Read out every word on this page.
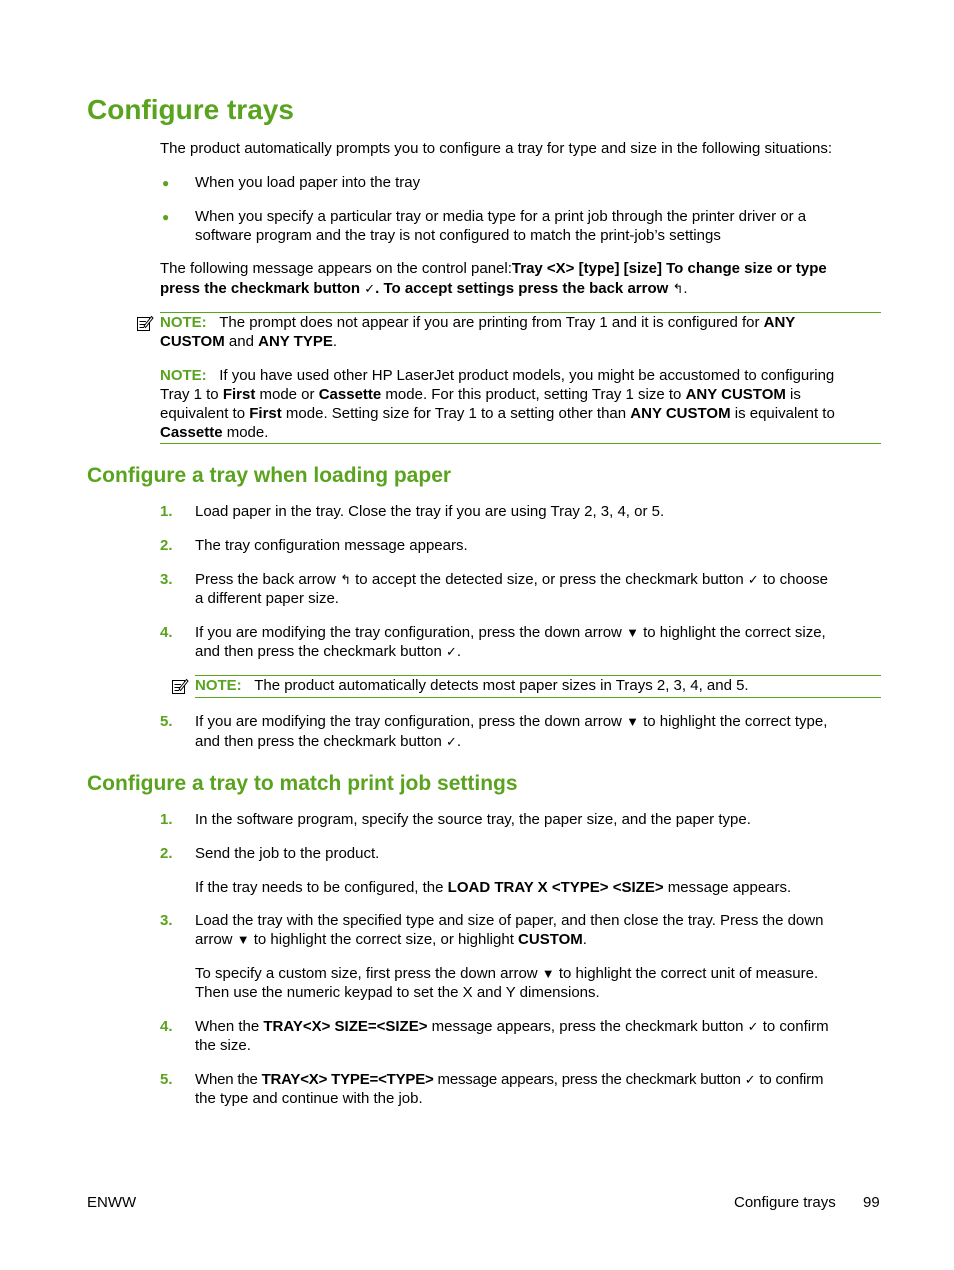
Configure trays

The product automatically prompts you to configure a tray for type and size in the following situations:

● When you load paper into the tray

● When you specify a particular tray or media type for a print job through the printer driver or a

software program and the tray is not configured to match the print-job’s settings

The following message appears on the control panel:Tray <X> [type] [size] To change size or type

press the checkmark button ✓. To accept settings press the back arrow ↰.

NOTE: The prompt does not appear if you are printing from Tray 1 and it is configured for ANY

CUSTOM and ANY TYPE.

NOTE: If you have used other HP LaserJet product models, you might be accustomed to configuring

Tray 1 to First mode or Cassette mode. For this product, setting Tray 1 size to ANY CUSTOM is

equivalent to First mode. Setting size for Tray 1 to a setting other than ANY CUSTOM is equivalent to

Cassette mode.

Configure a tray when loading paper
1. Load paper in the tray. Close the tray if you are using Tray 2, 3, 4, or 5.

2. The tray configuration message appears.

3. Press the back arrow ↰ to accept the detected size, or press the checkmark button ✓ to choose

a different paper size.

4. If you are modifying the tray configuration, press the down arrow ▼ to highlight the correct size,

and then press the checkmark button ✓.

NOTE: The product automatically detects most paper sizes in Trays 2, 3, 4, and 5.

5. If you are modifying the tray configuration, press the down arrow ▼ to highlight the correct type,

and then press the checkmark button ✓.

Configure a tray to match print job settings
1. In the software program, specify the source tray, the paper size, and the paper type.

2. Send the job to the product.

If the tray needs to be configured, the LOAD TRAY X <TYPE> <SIZE> message appears.

3. Load the tray with the specified type and size of paper, and then close the tray. Press the down

arrow ▼ to highlight the correct size, or highlight CUSTOM.

To specify a custom size, first press the down arrow ▼ to highlight the correct unit of measure.

Then use the numeric keypad to set the X and Y dimensions.

4. When the TRAY<X> SIZE=<SIZE> message appears, press the checkmark button ✓ to confirm

the size.

5. When the TRAY<X> TYPE=<TYPE> message appears, press the checkmark button ✓ to confirm

the type and continue with the job.

ENWW	Configure trays 99
